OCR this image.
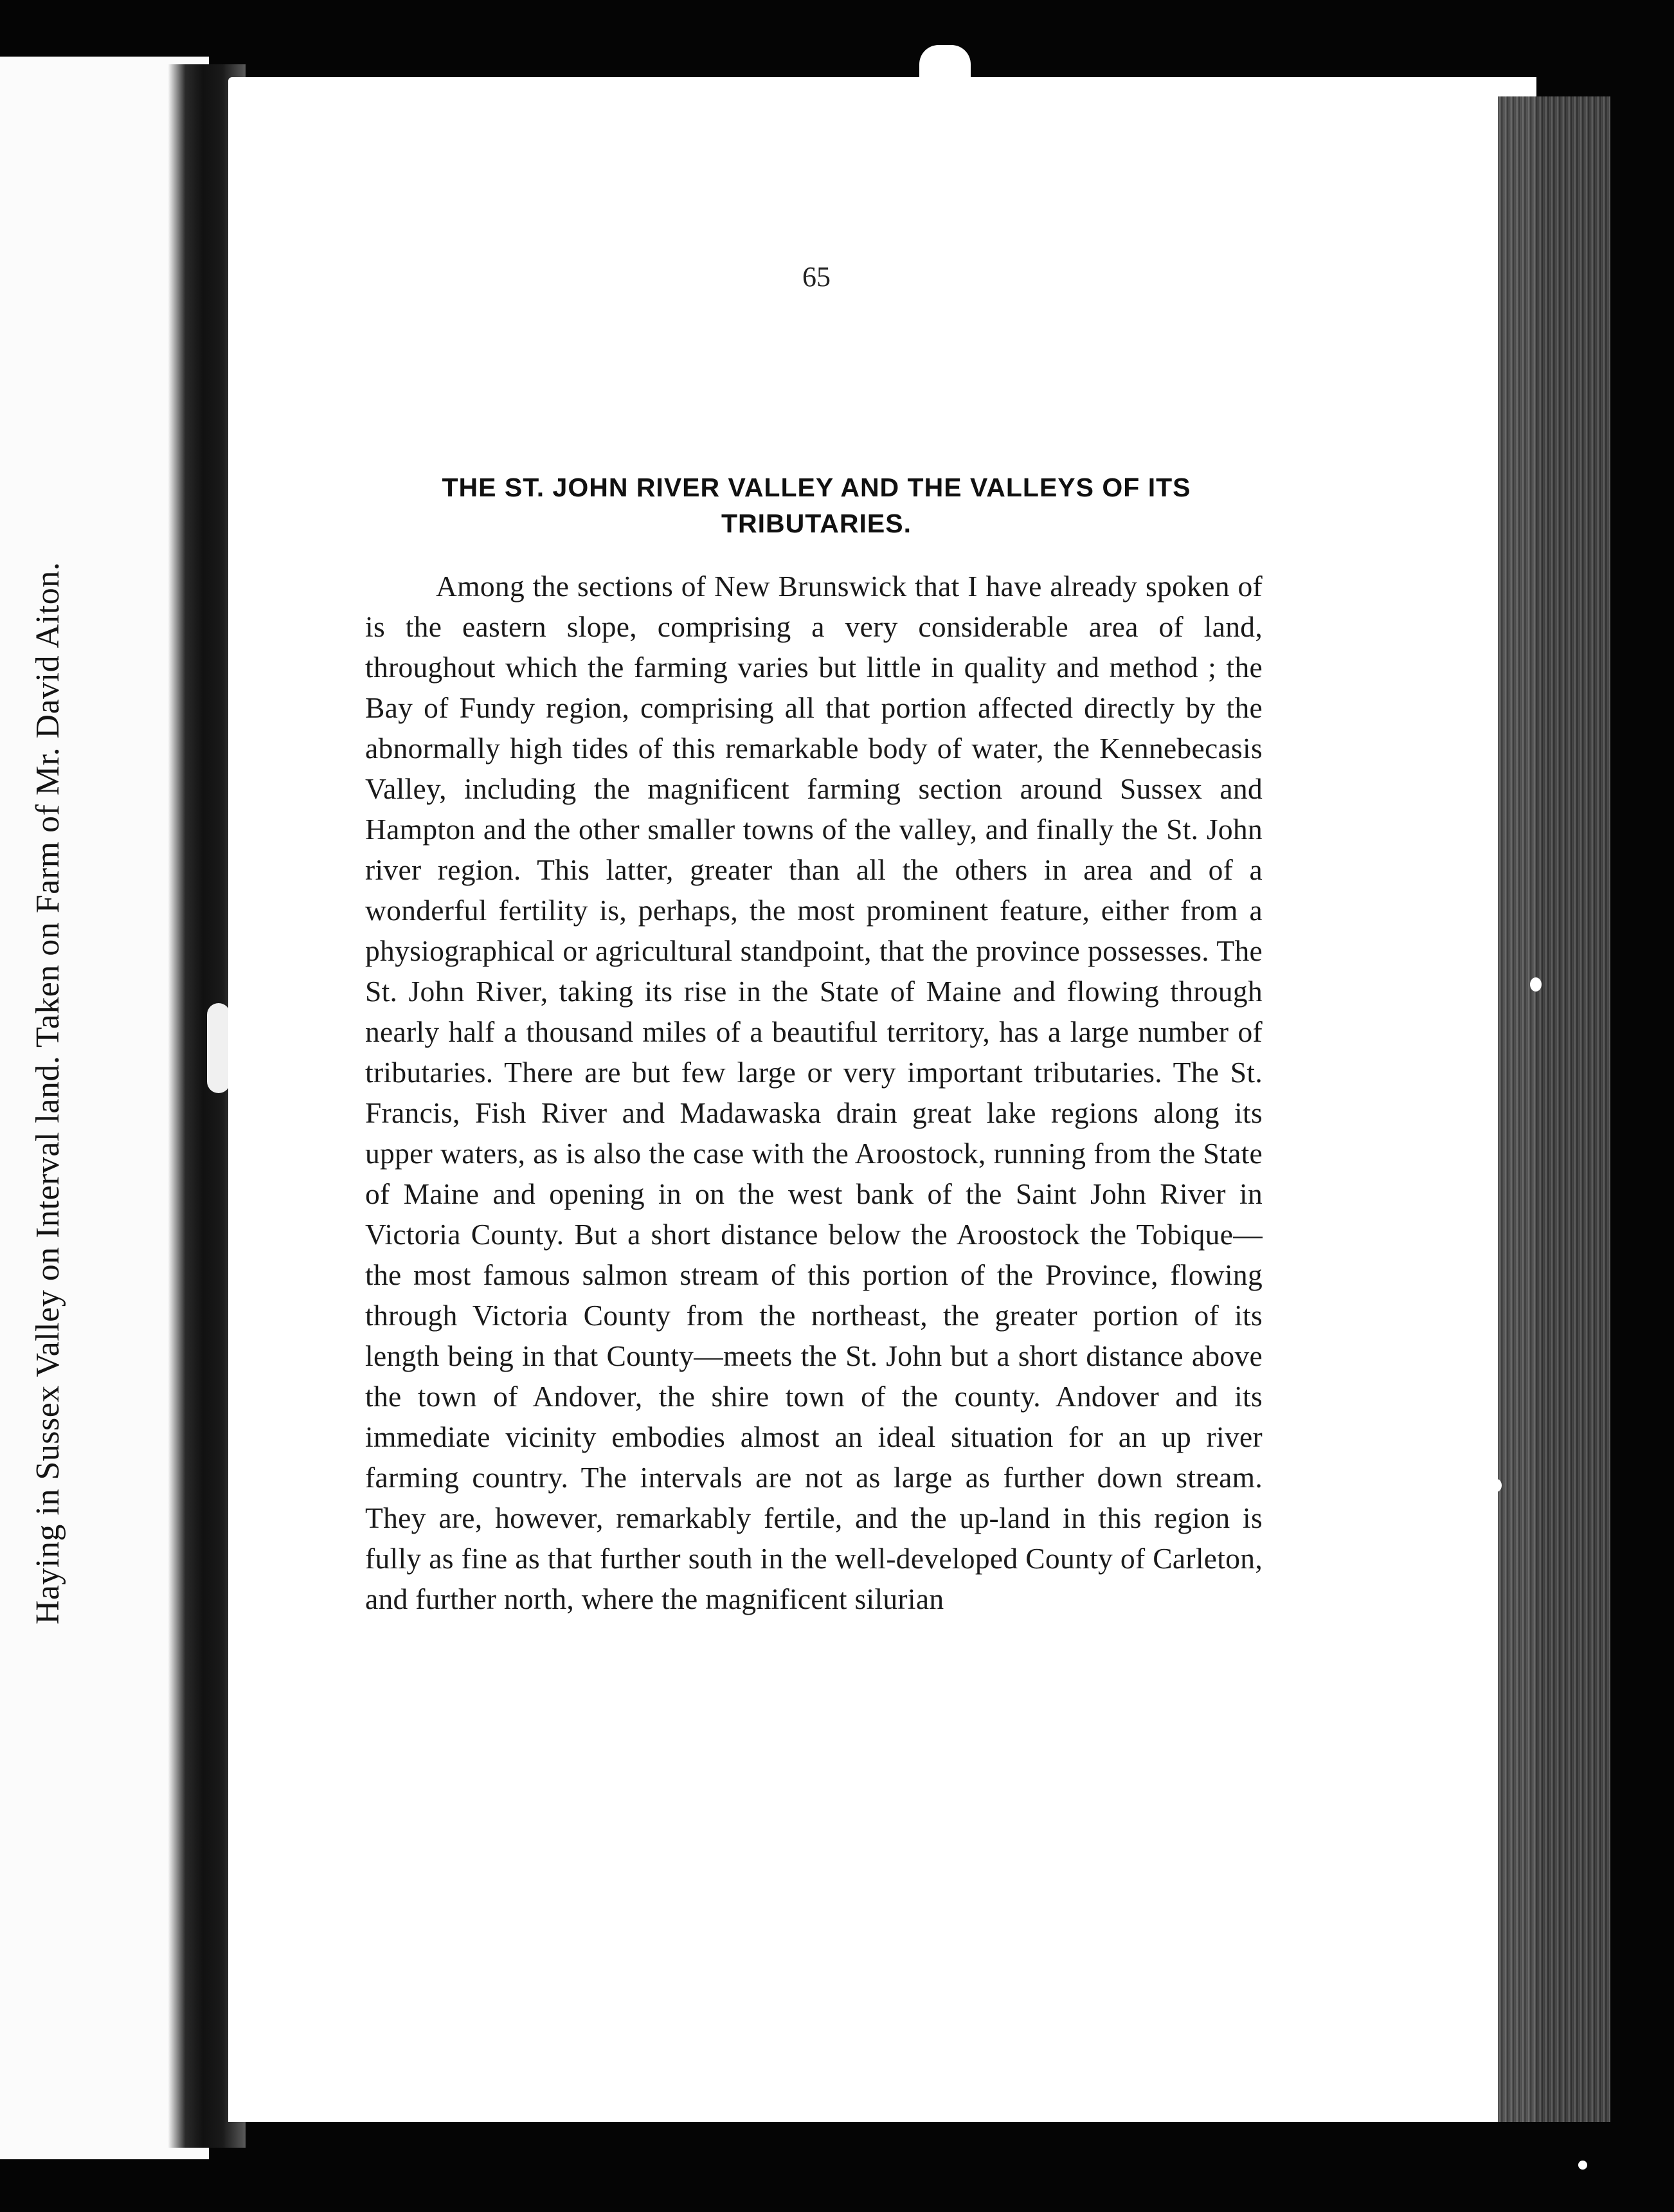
Haying in Sussex Valley on Interval land. Taken on Farm of Mr. David Aiton.
65
THE ST. JOHN RIVER VALLEY AND THE VALLEYS OF ITS
TRIBUTARIES.

Among the sections of New Brunswick that I have already spoken of is the eastern slope, comprising a very considerable area of land, throughout which the farming varies but little in quality and method ; the Bay of Fundy region, comprising all that portion affected directly by the abnormally high tides of this remarkable body of water, the Kennebecasis Valley, including the magnificent farming section around Sussex and Hampton and the other smaller towns of the valley, and finally the St. John river region. This latter, greater than all the others in area and of a wonderful fertility is, perhaps, the most prominent feature, either from a physiographical or agricultural standpoint, that the province possesses. The St. John River, taking its rise in the State of Maine and flowing through nearly half a thousand miles of a beautiful territory, has a large number of tributaries. There are but few large or very important tributaries. The St. Francis, Fish River and Madawaska drain great lake regions along its upper waters, as is also the case with the Aroostock, running from the State of Maine and opening in on the west bank of the Saint John River in Victoria County. But a short distance below the Aroostock the Tobique—the most famous salmon stream of this portion of the Province, flowing through Victoria County from the northeast, the greater portion of its length being in that County—meets the St. John but a short distance above the town of Andover, the shire town of the county. Andover and its immediate vicinity embodies almost an ideal situation for an up river farming country. The intervals are not as large as further down stream. They are, however, remarkably fertile, and the up-land in this region is fully as fine as that further south in the well-developed County of Carleton, and further north, where the magnificent silurian
